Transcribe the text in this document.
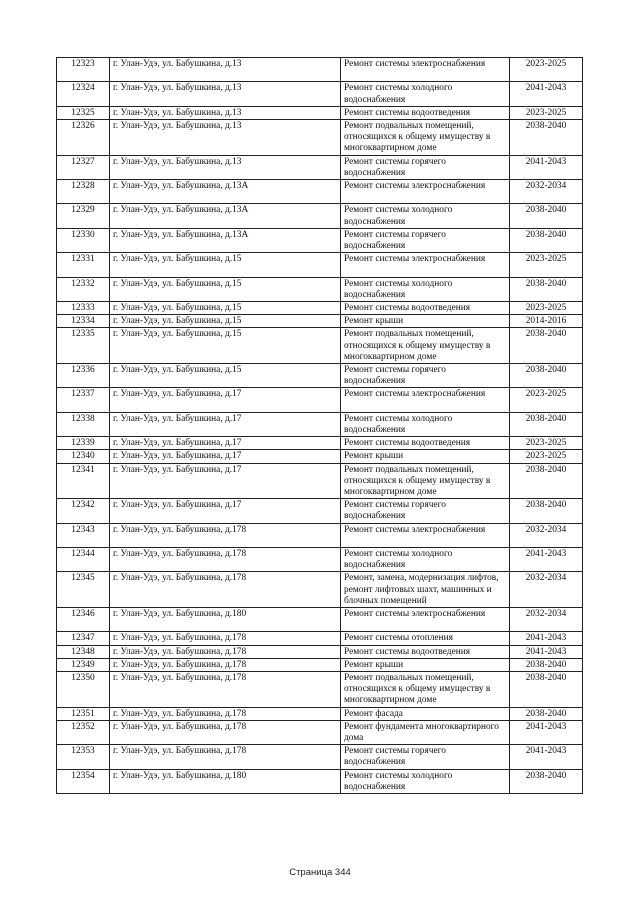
12323	г. Улан-Удэ, ул. Бабушкина, д.13	Ремонт системы электроснабжения	2023-2025
12324	г. Улан-Удэ, ул. Бабушкина, д.13	Ремонт системы холодного водоснабжения	2041-2043
12325	г. Улан-Удэ, ул. Бабушкина, д.13	Ремонт системы водоотведения	2023-2025
12326	г. Улан-Удэ, ул. Бабушкина, д.13	Ремонт подвальных помещений, относящихся к общему имуществу в многоквартирном доме	2038-2040
12327	г. Улан-Удэ, ул. Бабушкина, д.13	Ремонт системы горячего водоснабжения	2041-2043
12328	г. Улан-Удэ, ул. Бабушкина, д.13А	Ремонт системы электроснабжения	2032-2034
12329	г. Улан-Удэ, ул. Бабушкина, д.13А	Ремонт системы холодного водоснабжения	2038-2040
12330	г. Улан-Удэ, ул. Бабушкина, д.13А	Ремонт системы горячего водоснабжения	2038-2040
12331	г. Улан-Удэ, ул. Бабушкина, д.15	Ремонт системы электроснабжения	2023-2025
12332	г. Улан-Удэ, ул. Бабушкина, д.15	Ремонт системы холодного водоснабжения	2038-2040
12333	г. Улан-Удэ, ул. Бабушкина, д.15	Ремонт системы водоотведения	2023-2025
12334	г. Улан-Удэ, ул. Бабушкина, д.15	Ремонт крыши	2014-2016
12335	г. Улан-Удэ, ул. Бабушкина, д.15	Ремонт подвальных помещений, относящихся к общему имуществу в многоквартирном доме	2038-2040
12336	г. Улан-Удэ, ул. Бабушкина, д.15	Ремонт системы горячего водоснабжения	2038-2040
12337	г. Улан-Удэ, ул. Бабушкина, д.17	Ремонт системы электроснабжения	2023-2025
12338	г. Улан-Удэ, ул. Бабушкина, д.17	Ремонт системы холодного водоснабжения	2038-2040
12339	г. Улан-Удэ, ул. Бабушкина, д.17	Ремонт системы водоотведения	2023-2025
12340	г. Улан-Удэ, ул. Бабушкина, д.17	Ремонт крыши	2023-2025
12341	г. Улан-Удэ, ул. Бабушкина, д.17	Ремонт подвальных помещений, относящихся к общему имуществу в многоквартирном доме	2038-2040
12342	г. Улан-Удэ, ул. Бабушкина, д.17	Ремонт системы горячего водоснабжения	2038-2040
12343	г. Улан-Удэ, ул. Бабушкина, д.178	Ремонт системы электроснабжения	2032-2034
12344	г. Улан-Удэ, ул. Бабушкина, д.178	Ремонт системы холодного водоснабжения	2041-2043
12345	г. Улан-Удэ, ул. Бабушкина, д.178	Ремонт, замена, модернизация лифтов, ремонт лифтовых шахт, машинных и блочных помещений	2032-2034
12346	г. Улан-Удэ, ул. Бабушкина, д.180	Ремонт системы электроснабжения	2032-2034
12347	г. Улан-Удэ, ул. Бабушкина, д.178	Ремонт системы отопления	2041-2043
12348	г. Улан-Удэ, ул. Бабушкина, д.178	Ремонт системы водоотведения	2041-2043
12349	г. Улан-Удэ, ул. Бабушкина, д.178	Ремонт крыши	2038-2040
12350	г. Улан-Удэ, ул. Бабушкина, д.178	Ремонт подвальных помещений, относящихся к общему имуществу в многоквартирном доме	2038-2040
12351	г. Улан-Удэ, ул. Бабушкина, д.178	Ремонт фасада	2038-2040
12352	г. Улан-Удэ, ул. Бабушкина, д.178	Ремонт фундамента многоквартирного дома	2041-2043
12353	г. Улан-Удэ, ул. Бабушкина, д.178	Ремонт системы горячего водоснабжения	2041-2043
12354	г. Улан-Удэ, ул. Бабушкина, д.180	Ремонт системы холодного водоснабжения	2038-2040
Страница 344
